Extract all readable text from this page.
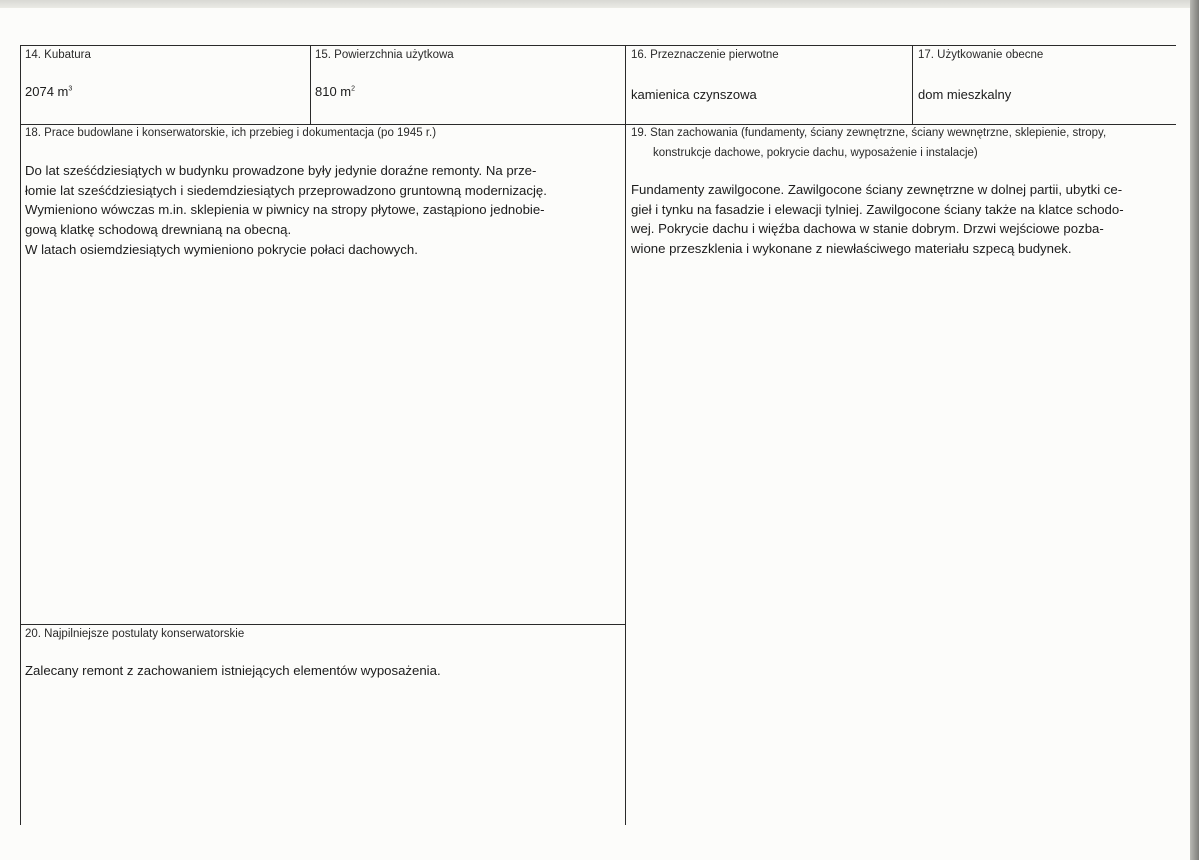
14. Kubatura
2074 $m^3$
15. Powierzchnia użytkowa
810 $m^2$
16. Przeznaczenie pierwotne
kamienica czynszowa
17. Użytkowanie obecne
dom mieszkalny
18. Prace budowlane i konserwatorskie, ich przebieg i dokumentacja (po 1945 r.)
Do lat sześćdziesiątych w budynku prowadzone były jedynie doraźne remonty. Na prze-
łomie lat sześćdziesiątych i siedemdziesiątych przeprowadzono gruntowną modernizację.
Wymieniono wówczas m.in. sklepienia w piwnicy na stropy płytowe, zastąpiono jednobie-
gową klatkę schodową drewnianą na obecną.
W latach osiemdziesiątych wymieniono pokrycie połaci dachowych.
19. Stan zachowania (fundamenty, ściany zewnętrzne, ściany wewnętrzne, sklepienie, stropy,
konstrukcje dachowe, pokrycie dachu, wyposażenie i instalacje)
Fundamenty zawilgocone. Zawilgocone ściany zewnętrzne w dolnej partii, ubytki ce-
gieł i tynku na fasadzie i elewacji tylniej. Zawilgocone ściany także na klatce schodo-
wej. Pokrycie dachu i więźba dachowa w stanie dobrym. Drzwi wejściowe pozba-
wione przeszklenia i wykonane z niewłaściwego materiału szpecą budynek.
20. Najpilniejsze postulaty konserwatorskie
Zalecany remont z zachowaniem istniejących elementów wyposażenia.
